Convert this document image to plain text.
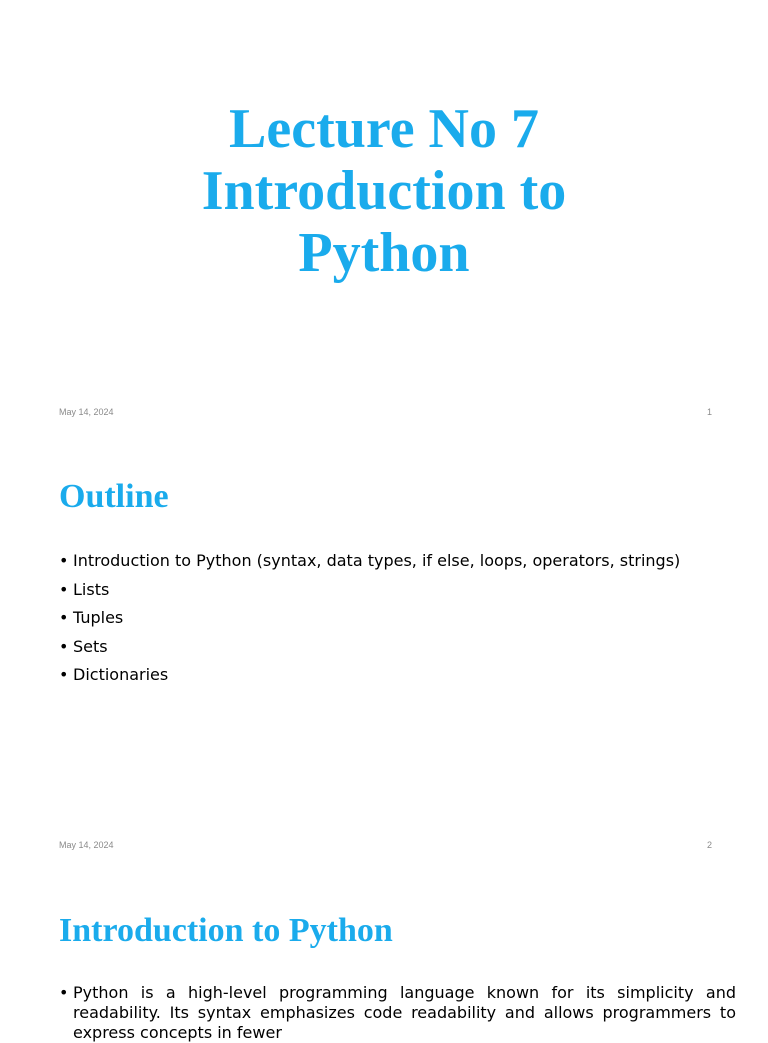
Lecture No 7
Introduction to
Python
May 14, 2024	1
Outline
• Introduction to Python (syntax, data types, if else, loops, operators, strings)
• Lists
• Tuples
• Sets
• Dictionaries
May 14, 2024	2
Introduction to Python
• Python is a high-level programming language known for its simplicity and readability. Its syntax emphasizes code readability and allows programmers to express concepts in fewer
